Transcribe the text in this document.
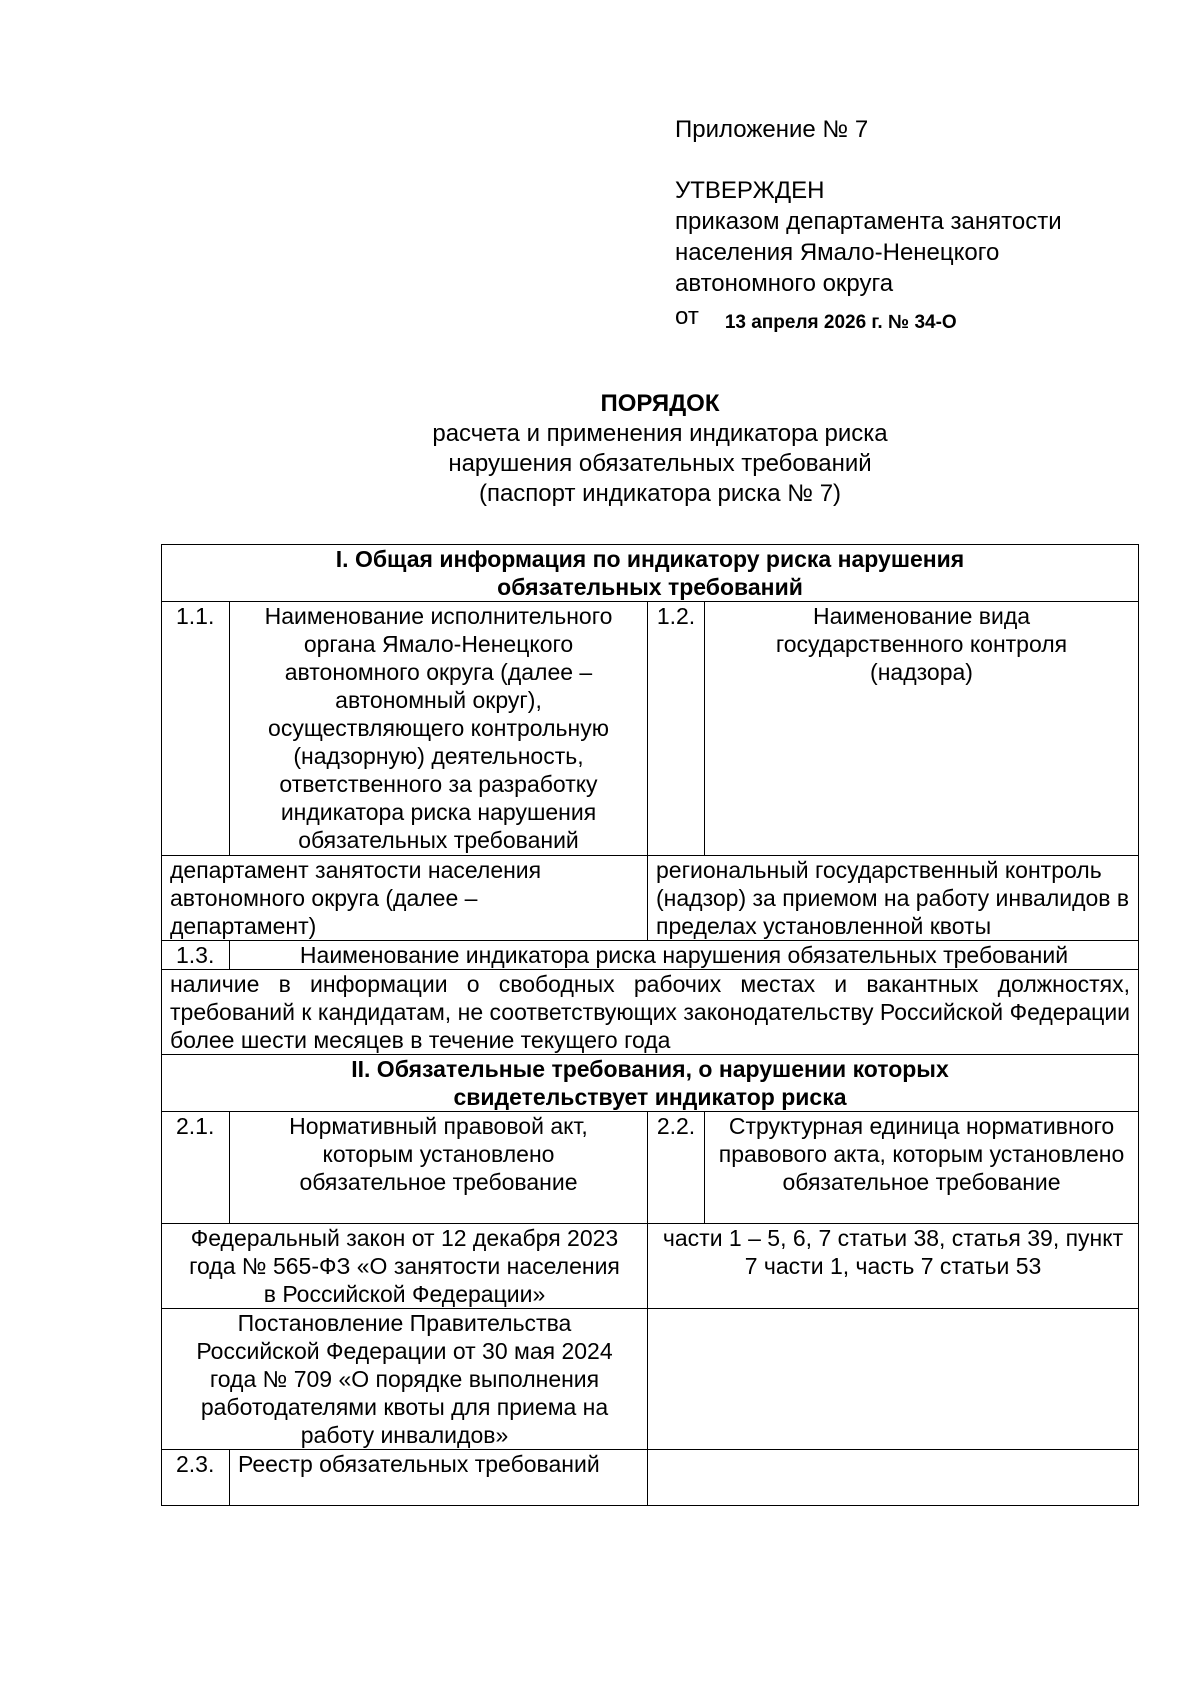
Приложение № 7
УТВЕРЖДЕН
приказом департамента занятости
населения Ямало-Ненецкого
автономного округа
от 13 апреля 2026 г. № 34-О
ПОРЯДОК
расчета и применения индикатора риска
нарушения обязательных требований
(паспорт индикатора риска № 7)
I. Общая информация по индикатору риска нарушения обязательных требований			
1.1.	Наименование исполнительного органа Ямало-Ненецкого автономного округа (далее – автономный округ), осуществляющего контрольную (надзорную) деятельность, ответственного за разработку индикатора риска нарушения обязательных требований	1.2.	Наименование вида государственного контроля (надзора)
департамент занятости населения автономного округа (далее – департамент)		региональный государственный контроль (надзор) за приемом на работу инвалидов в пределах установленной квоты	
1.3.	Наименование индикатора риска нарушения обязательных требований		
наличие в информации о свободных рабочих местах и вакантных должностях, требований к кандидатам, не соответствующих законодательству Российской Федерации более шести месяцев в течение текущего года			
II. Обязательные требования, о нарушении которых свидетельствует индикатор риска			
2.1.	Нормативный правовой акт, которым установлено обязательное требование	2.2.	Структурная единица нормативного правового акта, которым установлено обязательное требование
Федеральный закон от 12 декабря 2023 года № 565-ФЗ «О занятости населения в Российской Федерации»		части 1 – 5, 6, 7 статьи 38, статья 39, пункт 7 части 1, часть 7 статьи 53	
Постановление Правительства Российской Федерации от 30 мая 2024 года № 709 «О порядке выполнения работодателями квоты для приема на работу инвалидов»			
2.3.	Реестр обязательных требований		
